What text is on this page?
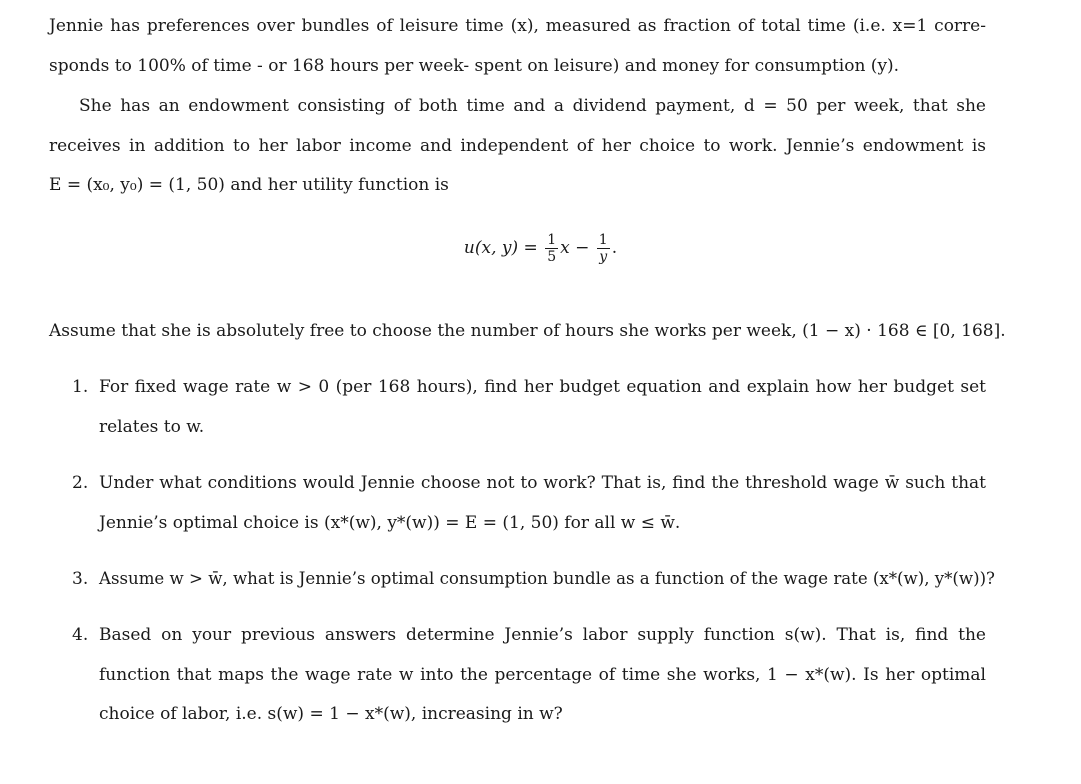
Jennie has preferences over bundles of leisure time (x), measured as fraction of total time (i.e. x=1 corre-
sponds to 100% of time - or 168 hours per week- spent on leisure) and money for consumption (y).
She has an endowment consisting of both time and a dividend payment, d = 50 per week, that she
receives in addition to her labor income and independent of her choice to work. Jennie’s endowment is
E = (x₀, y₀) = (1, 50) and her utility function is
u(x, $y) = \frac{1}{5}$ $x - \frac{1}{y}$ .
Assume that she is absolutely free to choose the number of hours she works per week, (1 − x) · 168 ∈ [0, 168].
1. For fixed wage rate w > 0 (per 168 hours), find her budget equation and explain how her budget set
relates to w.
2. Under what conditions would Jennie choose not to work? That is, find the threshold wage w̄ such that
Jennie’s optimal choice is (x*(w), y*(w)) = E = (1, 50) for all w ≤ w̄.
3. Assume w > w̄, what is Jennie’s optimal consumption bundle as a function of the wage rate (x*(w), y*(w))?
4. Based on your previous answers determine Jennie’s labor supply function s(w). That is, find the
function that maps the wage rate w into the percentage of time she works, 1 − x*(w). Is her optimal
choice of labor, i.e. s(w) = 1 − x*(w), increasing in w?
